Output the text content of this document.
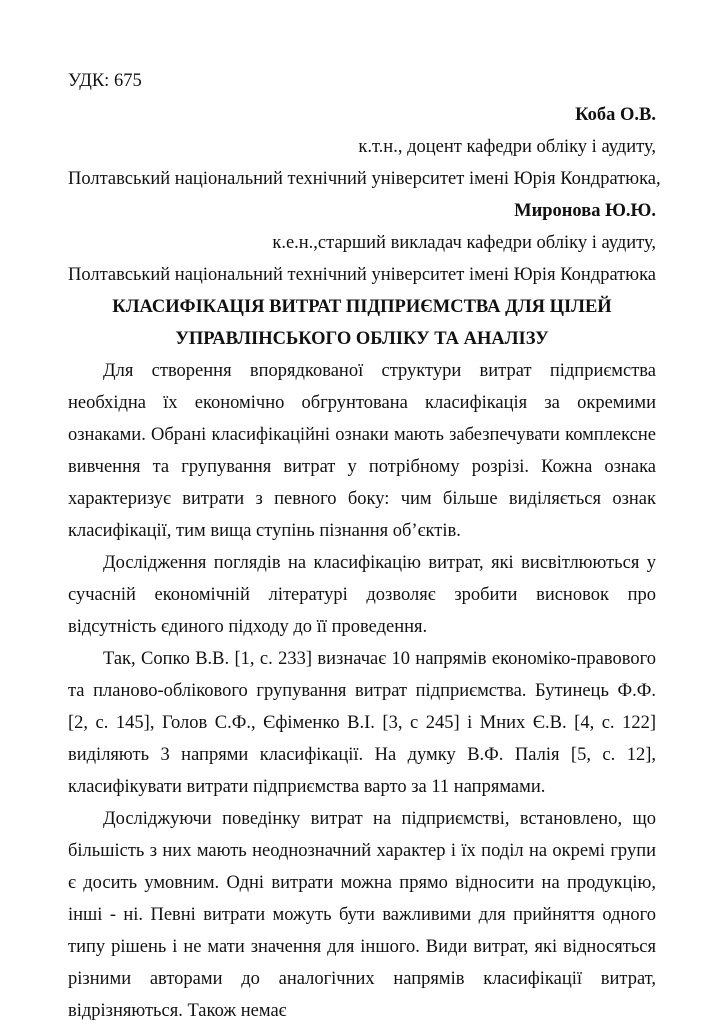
УДК: 675
Коба О.В.
к.т.н., доцент кафедри обліку і аудиту,
Полтавський національний технічний університет імені Юрія Кондратюка,
Миронова Ю.Ю.
к.е.н.,старший викладач кафедри обліку і аудиту,
Полтавський національний технічний університет імені Юрія Кондратюка
КЛАСИФІКАЦІЯ ВИТРАТ ПІДПРИЄМСТВА ДЛЯ ЦІЛЕЙ
УПРАВЛІНСЬКОГО ОБЛІКУ ТА АНАЛІЗУ

Для створення впорядкованої структури витрат підприємства необхідна їх економічно обгрунтована класифікація за окремими ознаками. Обрані класифікаційні ознаки мають забезпечувати комплексне вивчення та групування витрат у потрібному розрізі. Кожна ознака характеризує витрати з певного боку: чим більше виділяється ознак класифікації, тим вища ступінь пізнання об’єктів.

Дослідження поглядів на класифікацію витрат, які висвітлюються у сучасній економічній літературі дозволяє зробити висновок про відсутність єдиного підходу до її проведення.

Так, Сопко В.В. [1, с. 233] визначає 10 напрямів економіко-правового та планово-облікового групування витрат підприємства. Бутинець Ф.Ф. [2, с. 145], Голов С.Ф., Єфіменко В.І. [3, с 245] і Мних Є.В. [4, с. 122] виділяють 3 напрями класифікації. На думку В.Ф. Палія [5, с. 12], класифікувати витрати підприємства варто за 11 напрямами.

Досліджуючи поведінку витрат на підприємстві, встановлено, що більшість з них мають неоднозначний характер і їх поділ на окремі групи є досить умовним. Одні витрати можна прямо відносити на продукцію, інші - ні. Певні витрати можуть бути важливими для прийняття одного типу рішень і не мати значення для іншого. Види витрат, які відносяться різними авторами до аналогічних напрямів класифікації витрат, відрізняються. Також немає
